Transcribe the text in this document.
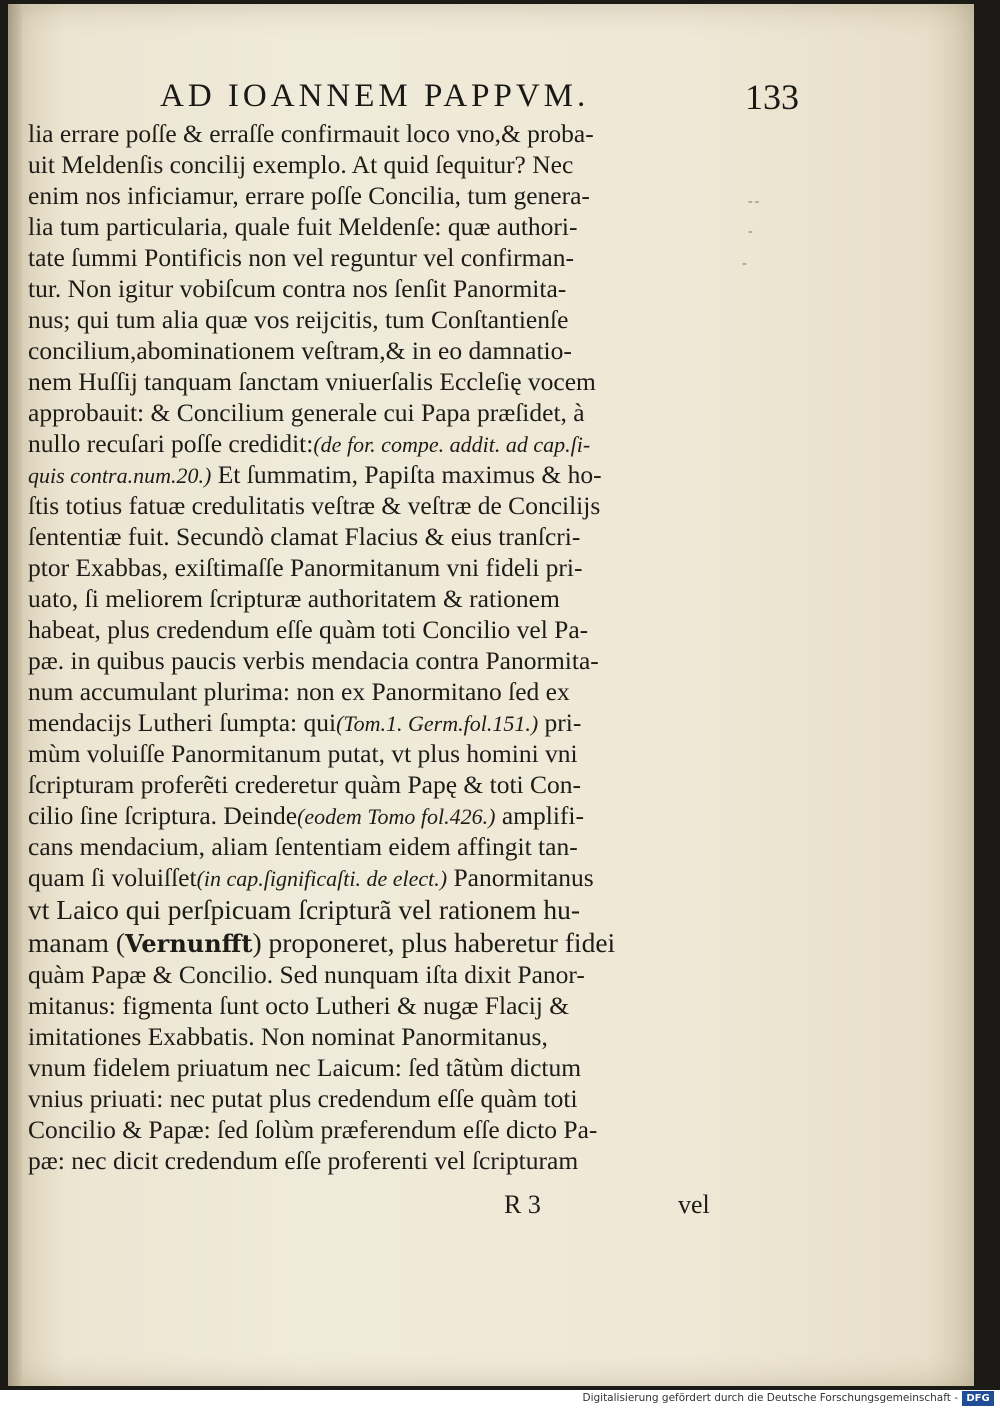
AD IOANNEM PAPPVM.	133
--
-
-
lia errare poſſe & erraſſe confirmauit loco vno,& proba-
uit Meldenſis concilij exemplo. At quid ſequitur? Nec
enim nos inficiamur, errare poſſe Concilia, tum genera-
lia tum particularia, quale fuit Meldenſe: quæ authori-
tate ſummi Pontificis non vel reguntur vel confirman-
tur. Non igitur vobiſcum contra nos ſenſit Panormita-
nus; qui tum alia quæ vos reijcitis, tum Conſtantienſe
concilium,abominationem veſtram,& in eo damnatio-
nem Huſſij tanquam ſanctam vniuerſalis Eccleſię vocem
approbauit: & Concilium generale cui Papa præſidet, à
nullo recuſari poſſe credidit:(de for. compe. addit. ad cap.ſi-
quis contra.num.20.) Et ſummatim, Papiſta maximus & ho-
ſtis totius fatuæ credulitatis veſtræ & veſtræ de Concilijs
ſententiæ fuit. Secundò clamat Flacius & eius tranſcri-
ptor Exabbas, exiſtimaſſe Panormitanum vni fideli pri-
uato, ſi meliorem ſcripturæ authoritatem & rationem
habeat, plus credendum eſſe quàm toti Concilio vel Pa-
pæ. in quibus paucis verbis mendacia contra Panormita-
num accumulant plurima: non ex Panormitano ſed ex
mendacijs Lutheri ſumpta: qui(Tom.1. Germ.fol.151.) pri-
mùm voluiſſe Panormitanum putat, vt plus homini vni
ſcripturam proferẽti crederetur quàm Papę & toti Con-
cilio ſine ſcriptura. Deinde(eodem Tomo fol.426.) amplifi-
cans mendacium, aliam ſententiam eidem affingit tan-
quam ſi voluiſſet(in cap.ſignificaſti. de elect.) Panormitanus
vt Laico qui perſpicuam ſcripturã vel rationem hu-
manam (Vernunfft) proponeret, plus haberetur fidei
quàm Papæ & Concilio. Sed nunquam iſta dixit Panor-
mitanus: figmenta ſunt octo Lutheri & nugæ Flacij &
imitationes Exabbatis. Non nominat Panormitanus,
vnum fidelem priuatum nec Laicum: ſed tãtùm dictum
vnius priuati: nec putat plus credendum eſſe quàm toti
Concilio & Papæ: ſed ſolùm præferendum eſſe dicto Pa-
pæ: nec dicit credendum eſſe proferenti vel ſcripturam
R 3	vel
Digitalisierung gefördert durch die Deutsche Forschungsgemeinschaft - DFG
